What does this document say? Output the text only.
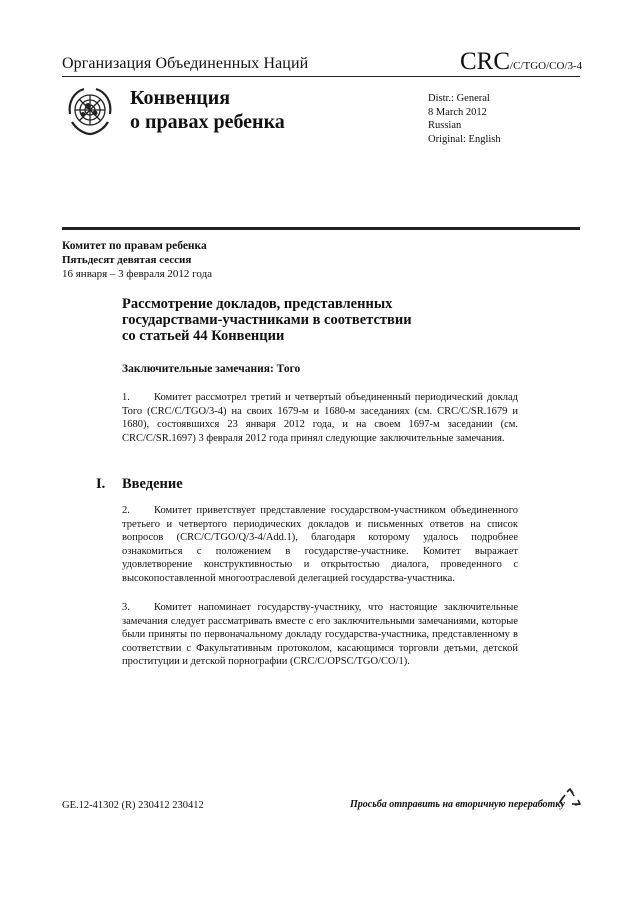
Организация Объединенных Наций	CRC/C/TGO/CO/3-4
Конвенция
о правах ребенка
Distr.: General
8 March 2012
Russian
Original: English
Комитет по правам ребенка
Пятьдесят девятая сессия
16 января – 3 февраля 2012 года
Рассмотрение докладов, представленных
государствами-участниками в соответствии
со статьей 44 Конвенции
Заключительные замечания: Того
1. Комитет рассмотрел третий и четвертый объединенный периодический доклад Того (CRC/C/TGO/3-4) на своих 1679-м и 1680-м заседаниях (см. CRC/C/SR.1679 и 1680), состоявшихся 23 января 2012 года, и на своем 1697-м заседании (см. CRC/C/SR.1697) 3 февраля 2012 года принял следующие заключительные замечания.
I. Введение
2. Комитет приветствует представление государством-участником объединенного третьего и четвертого периодических докладов и письменных ответов на список вопросов (CRC/C/TGO/Q/3-4/Add.1), благодаря которому удалось подробнее ознакомиться с положением в государстве-участнике. Комитет выражает удовлетворение конструктивностью и открытостью диалога, проведенного с высокопоставленной многоотраслевой делегацией государства-участника.
3. Комитет напоминает государству-участнику, что настоящие заключительные замечания следует рассматривать вместе с его заключительными замечаниями, которые были приняты по первоначальному докладу государства-участника, представленному в соответствии с Факультативным протоколом, касающимся торговли детьми, детской проституции и детской порнографии (CRC/C/OPSC/TGO/CO/1).
GE.12-41302 (R) 230412 230412	Просьба отправить на вторичную переработку
